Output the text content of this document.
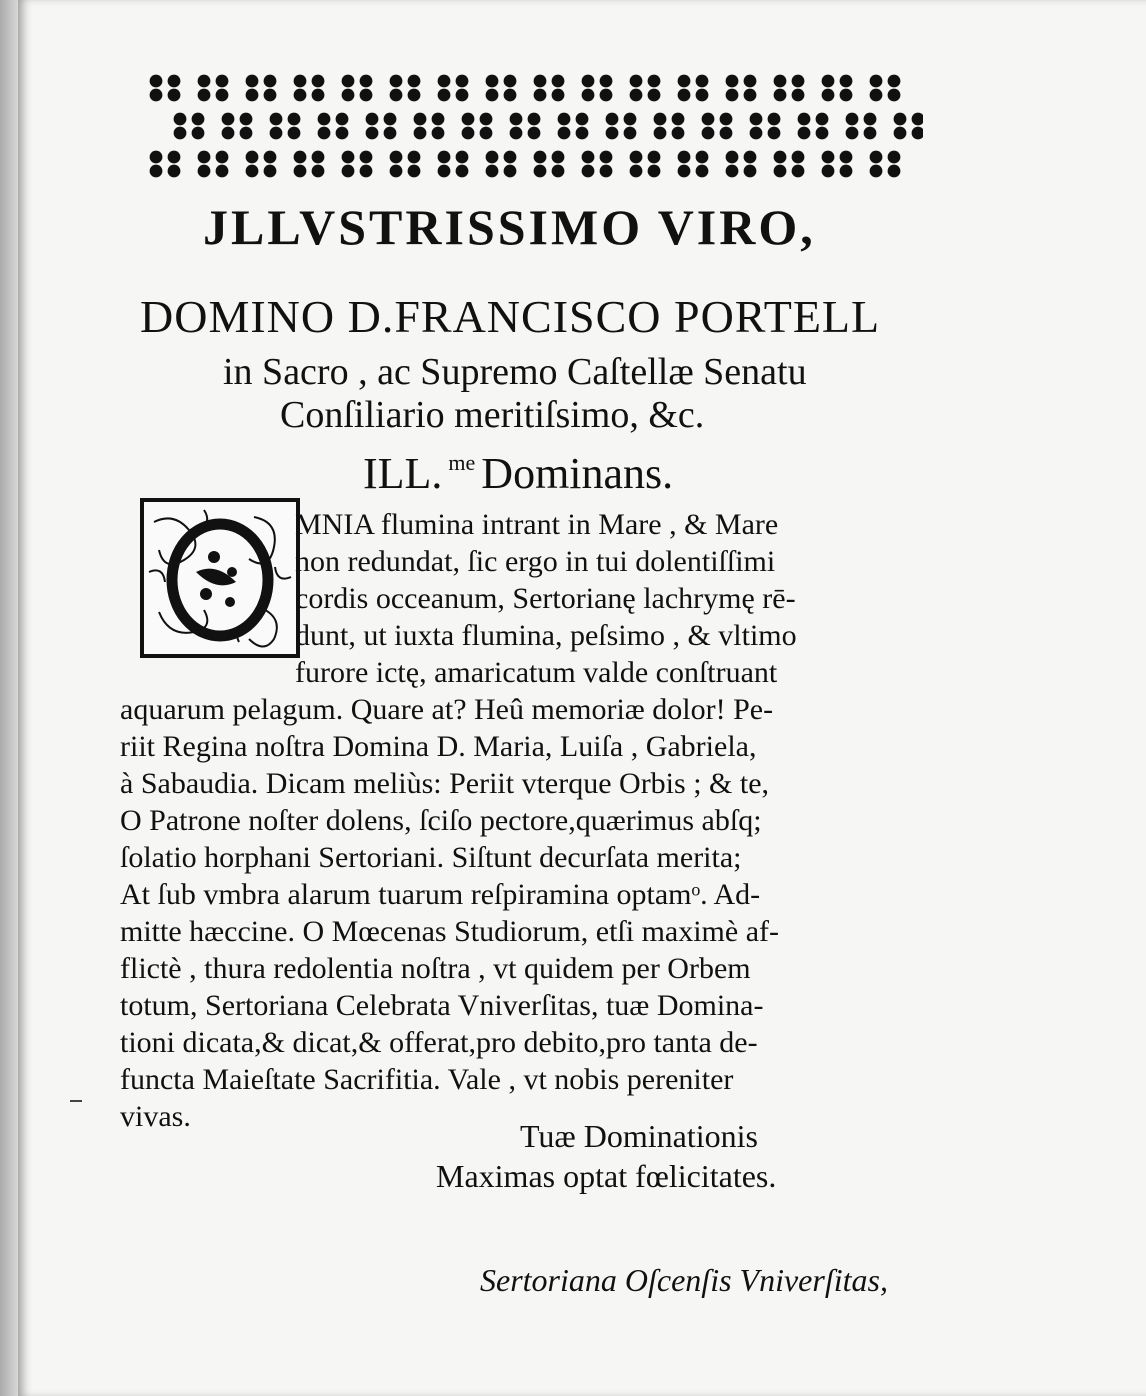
JLLVSTRISSIMO VIRO,
DOMINO D.FRANCISCO PORTELL
in Sacro , ac Supremo Caſtellæ Senatu
Conſiliario meritiſsimo, &c.
ILL. $^{me}$ Dominans.
MNIA flumina intrant in Mare , & Mare
non redundat, ſic ergo in tui dolentiſſimi
cordis occeanum, Sertorianę lachrymę rē-
dunt, ut iuxta flumina, peſsimo , & vltimo
furore ictę, amaricatum valde conſtruant
aquarum pelagum. Quare at? Heû memoriæ dolor! Pe-
riit Regina noſtra Domina D. Maria, Luiſa , Gabriela,
à Sabaudia. Dicam meliùs: Periit vterque Orbis ; & te,
O Patrone noſter dolens, ſciſo pectore,quærimus abſq;
ſolatio horphani Sertoriani. Siſtunt decurſata merita;
At ſub vmbra alarum tuarum reſpiramina optamᵒ. Ad-
mitte hæccine. O Mœcenas Studiorum, etſi maximè af-
flictè , thura redolentia noſtra , vt quidem per Orbem
totum, Sertoriana Celebrata Vniverſitas, tuæ Domina-
tioni dicata,& dicat,& offerat,pro debito,pro tanta de-
functa Maieſtate Sacrifitia. Vale , vt nobis pereniter
vivas.
Tuæ Dominationis
Maximas optat fœlicitates.
Sertoriana Oſcenſis Vniverſitas,
